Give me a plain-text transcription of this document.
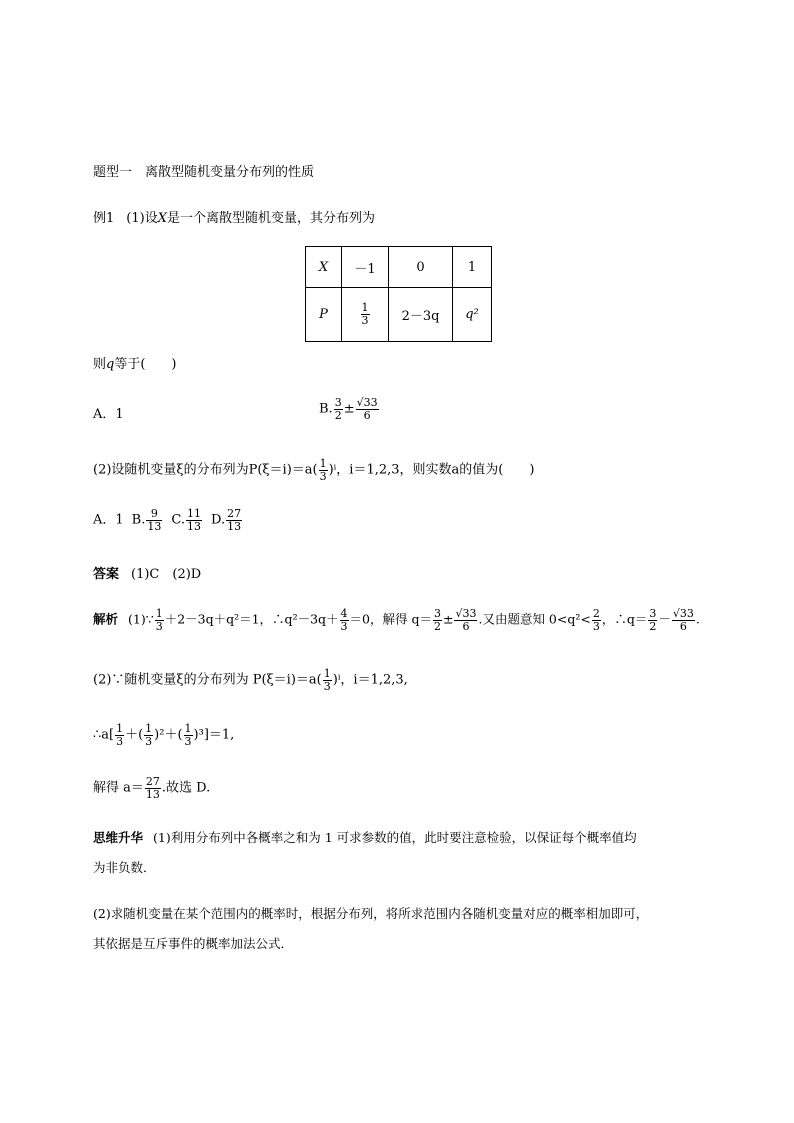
题型一　离散型随机变量分布列的性质
例1 (1)设X是一个离散型随机变量，其分布列为
X	－1	0	1
P	$\frac{1}{3}$	2－3q	q²
则q等于(　　)
A．1	B. $\frac{3}{2} \pm \frac{√33}{6}$
(2)设随机变量ξ的分布列为$P(\xi=i)=a( \frac{1}{3} )^i$，i＝1,2,3，则实数a的值为(　　)
A．1 B. $\frac{9}{13} C$. $\frac{11}{13} D$. $\frac{27}{13}$
答案 (1)C　(2)D
解析 (1)∵ $\frac{1}{3} +2-3q+q^2=1$，∴q²－3q＋ $\frac{4}{3} =0$，解得 $q= \frac{3}{2} \pm \frac{√33}{6}$ .又由题意知 $0<q^2< \frac{2}{3}$ ，∴q＝ $\frac{3}{2} - \frac{√33}{6}$ .
(2)∵随机变量ξ的分布列为 $P(\xi=i)=a( \frac{1}{3} )^i$，i＝1,2,3,
∴a[ $\frac{1}{3}$ ＋( $\frac{1}{3} )^2+( \frac{1}{3} )^3]=1$,
解得 $a= \frac{27}{13}$ .故选 D.
思维升华 (1)利用分布列中各概率之和为 1 可求参数的值，此时要注意检验，以保证每个概率值均
为非负数．
(2)求随机变量在某个范围内的概率时，根据分布列，将所求范围内各随机变量对应的概率相加即可，
其依据是互斥事件的概率加法公式．
